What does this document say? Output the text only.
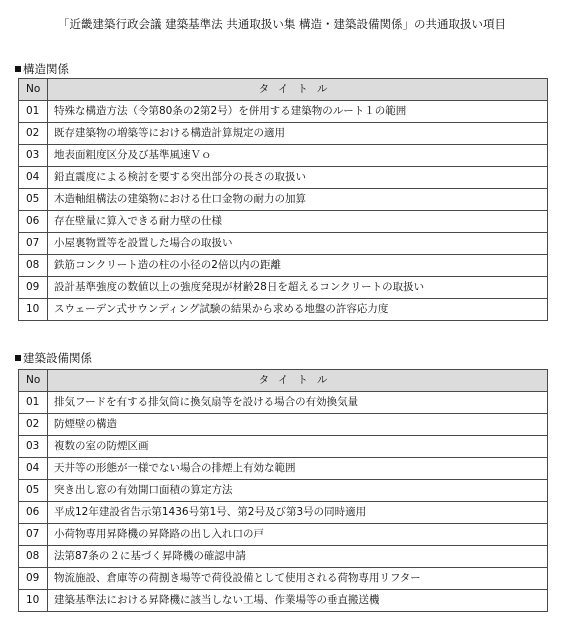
「近畿建築行政会議 建築基準法 共通取扱い集 構造・建築設備関係」の共通取扱い項目
構造関係
No	タイトル
01	特殊な構造方法（令第80条の2第2号）を併用する建築物のルート１の範囲
02	既存建築物の増築等における構造計算規定の適用
03	地表面粗度区分及び基準風速Ｖｏ
04	鉛直震度による検討を要する突出部分の長さの取扱い
05	木造軸組構法の建築物における仕口金物の耐力の加算
06	存在壁量に算入できる耐力壁の仕様
07	小屋裏物置等を設置した場合の取扱い
08	鉄筋コンクリート造の柱の小径の2倍以内の距離
09	設計基準強度の数値以上の強度発現が材齢28日を超えるコンクリートの取扱い
10	スウェーデン式サウンディング試験の結果から求める地盤の許容応力度
建築設備関係
No	タイトル
01	排気フードを有する排気筒に換気扇等を設ける場合の有効換気量
02	防煙壁の構造
03	複数の室の防煙区画
04	天井等の形態が一様でない場合の排煙上有効な範囲
05	突き出し窓の有効開口面積の算定方法
06	平成12年建設省告示第1436号第1号、第2号及び第3号の同時適用
07	小荷物専用昇降機の昇降路の出し入れ口の戸
08	法第87条の２に基づく昇降機の確認申請
09	物流施設、倉庫等の荷捌き場等で荷役設備として使用される荷物専用リフター
10	建築基準法における昇降機に該当しない工場、作業場等の垂直搬送機
